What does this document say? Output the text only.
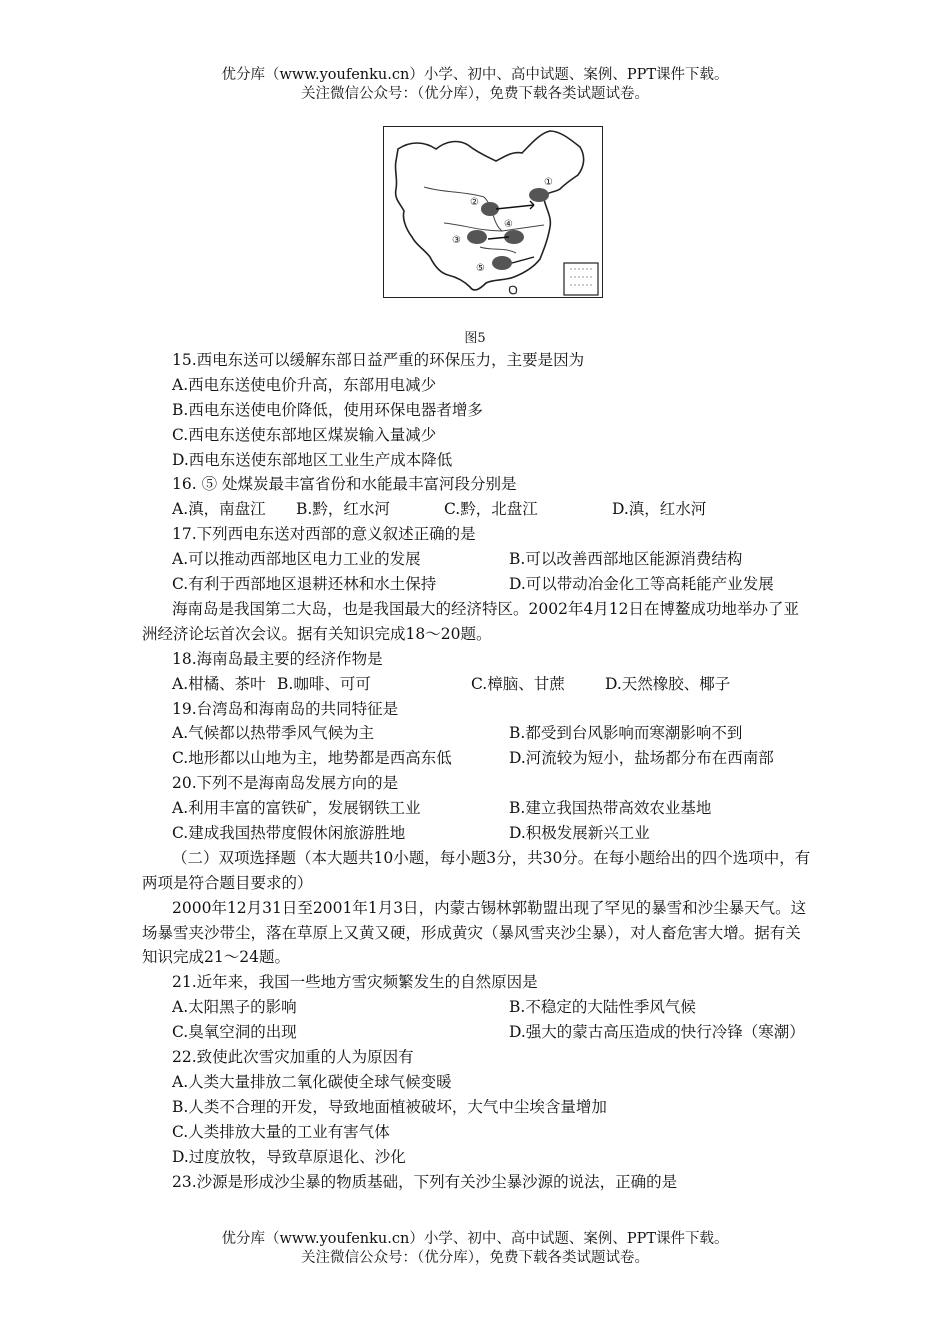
优分库（www.youfenku.cn）小学、初中、高中试题、案例、PPT课件下载。
关注微信公众号：（优分库），免费下载各类试题试卷。
①
②
④
③
⑤
图5
15.西电东送可以缓解东部日益严重的环保压力，主要是因为
A.西电东送使电价升高，东部用电减少
B.西电东送使电价降低，使用环保电器者增多
C.西电东送使东部地区煤炭输入量减少
D.西电东送使东部地区工业生产成本降低
16. ⑤ 处煤炭最丰富省份和水能最丰富河段分别是
A.滇，南盘江	B.黔，红水河	C.黔，北盘江	D.滇，红水河
17.下列西电东送对西部的意义叙述正确的是
A.可以推动西部地区电力工业的发展	B.可以改善西部地区能源消费结构
C.有利于西部地区退耕还林和水土保持	D.可以带动冶金化工等高耗能产业发展
海南岛是我国第二大岛，也是我国最大的经济特区。2002年4月12日在博鳌成功地举办了亚洲经济论坛首次会议。据有关知识完成18～20题。
18.海南岛最主要的经济作物是
A.柑橘、茶叶 B.咖啡、可可	C.樟脑、甘蔗	D.天然橡胶、椰子
19.台湾岛和海南岛的共同特征是
A.气候都以热带季风气候为主	B.都受到台风影响而寒潮影响不到
C.地形都以山地为主，地势都是西高东低	D.河流较为短小，盐场都分布在西南部
20.下列不是海南岛发展方向的是
A.利用丰富的富铁矿，发展钢铁工业	B.建立我国热带高效农业基地
C.建成我国热带度假休闲旅游胜地	D.积极发展新兴工业
（二）双项选择题（本大题共10小题，每小题3分，共30分。在每小题给出的四个选项中，有两项是符合题目要求的）
2000年12月31日至2001年1月3日，内蒙古锡林郭勒盟出现了罕见的暴雪和沙尘暴天气。这场暴雪夹沙带尘，落在草原上又黄又硬，形成黄灾（暴风雪夹沙尘暴），对人畜危害大增。据有关知识完成21～24题。
21.近年来，我国一些地方雪灾频繁发生的自然原因是
A.太阳黑子的影响	B.不稳定的大陆性季风气候
C.臭氧空洞的出现	D.强大的蒙古高压造成的快行冷锋（寒潮）
22.致使此次雪灾加重的人为原因有
A.人类大量排放二氧化碳使全球气候变暖
B.人类不合理的开发，导致地面植被破坏，大气中尘埃含量增加
C.人类排放大量的工业有害气体
D.过度放牧，导致草原退化、沙化
23.沙源是形成沙尘暴的物质基础，下列有关沙尘暴沙源的说法，正确的是
优分库（www.youfenku.cn）小学、初中、高中试题、案例、PPT课件下载。
关注微信公众号：（优分库），免费下载各类试题试卷。
